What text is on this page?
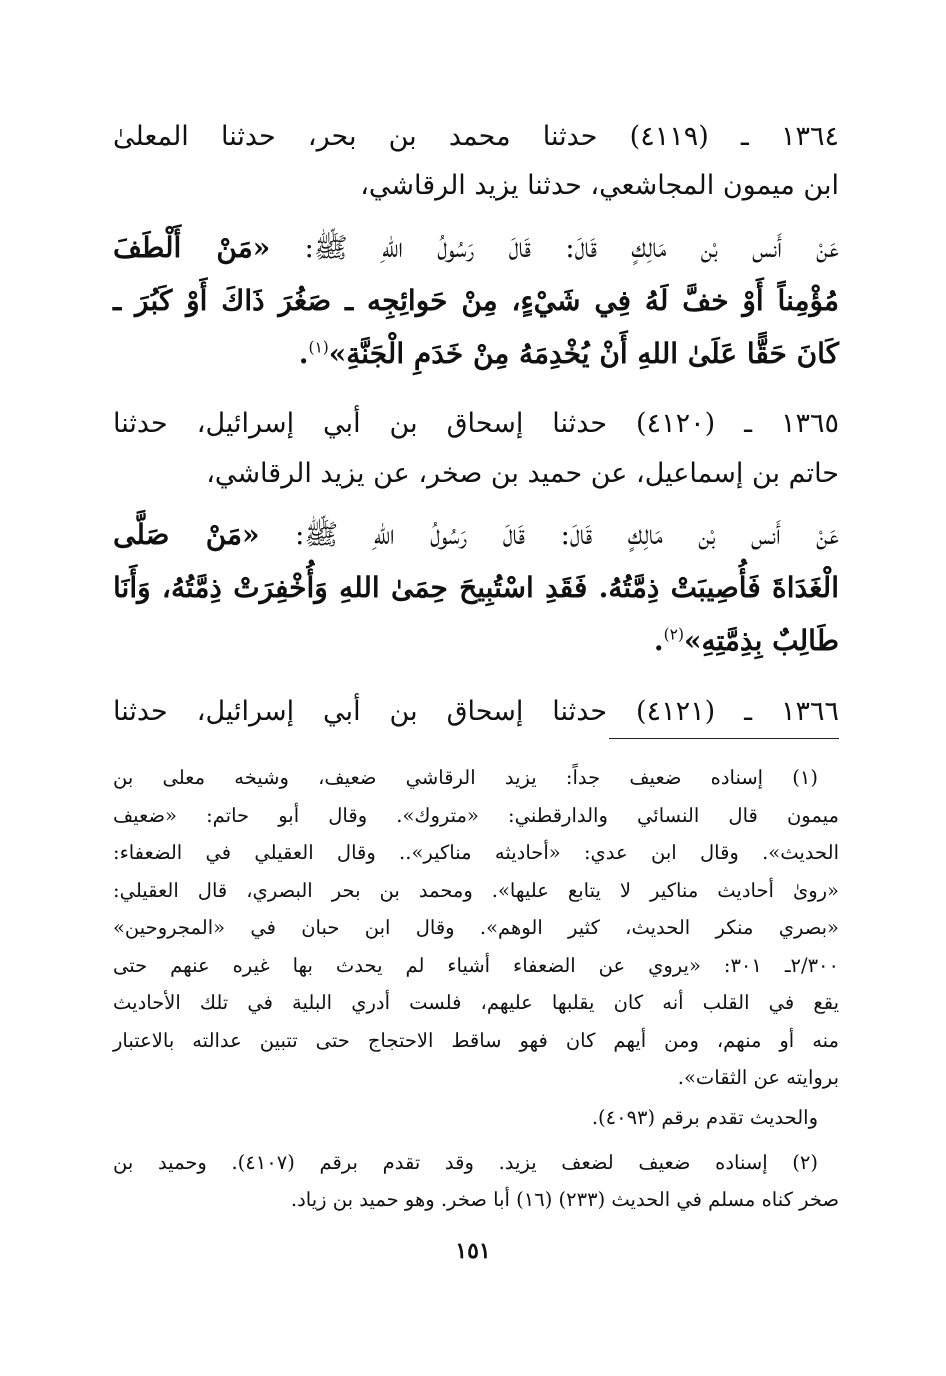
١٣٦٤ ـ (٤١١٩) حدثنا محمد بن بحر، حدثنا المعلىٰ
ابن ميمون المجاشعي، حدثنا يزيد الرقاشي،
عَنْ أَنس بْن مَالِكٍ قَالَ: قَالَ رَسُولُ اللهِ ﷺ: «مَنْ أَلْطَفَ
مُؤْمِناً أَوْ خفَّ لَهُ فِي شَيْءٍ، مِنْ حَوائِجِه ـ صَغُرَ ذَاكَ أَوْ كَبُرَ ـ
كَانَ حَقًّا عَلَىٰ اللهِ أَنْ يُخْدِمَهُ مِنْ خَدَمِ الْجَنَّةِ»$^{(١)}$.
١٣٦٥ ـ (٤١٢٠) حدثنا إسحاق بن أبي إسرائيل، حدثنا
حاتم بن إسماعيل، عن حميد بن صخر، عن يزيد الرقاشي،
عَنْ أَنس بْن مَالِكٍ قَالَ: قَالَ رَسُولُ اللهِ ﷺ: «مَنْ صَلَّى
الْغَدَاةَ فَأُصِيبَتْ ذِمَّتُهُ. فَقَدِ اسْتُبِيحَ حِمَىٰ اللهِ وَأُخْفِرَتْ ذِمَّتُهُ، وَأَنَا
طَالِبٌ بِذِمَّتِهِ»$^{(٢)}$.
١٣٦٦ ـ (٤١٢١) حدثنا إسحاق بن أبي إسرائيل، حدثنا
(١) إسناده ضعيف جداً: يزيد الرقاشي ضعيف، وشيخه معلى بن
ميمون قال النسائي والدارقطني: «متروك». وقال أبو حاتم: «ضعيف
الحديث». وقال ابن عدي: «أحاديثه مناكير».. وقال العقيلي في الضعفاء:
«روىٰ أحاديث مناكير لا يتابع عليها». ومحمد بن بحر البصري، قال العقيلي:
«بصري منكر الحديث، كثير الوهم». وقال ابن حبان في «المجروحين»
٢/٣٠٠ـ ٣٠١: «يروي عن الضعفاء أشياء لم يحدث بها غيره عنهم حتى
يقع في القلب أنه كان يقلبها عليهم، فلست أدري البلية في تلك الأحاديث
منه أو منهم، ومن أيهم كان فهو ساقط الاحتجاج حتى تتبين عدالته بالاعتبار
بروايته عن الثقات».
والحديث تقدم برقم (٤٠٩٣).
(٢) إسناده ضعيف لضعف يزيد. وقد تقدم برقم (٤١٠٧). وحميد بن
صخر كناه مسلم في الحديث (٢٣٣) (١٦) أبا صخر. وهو حميد بن زياد.
١٥١
